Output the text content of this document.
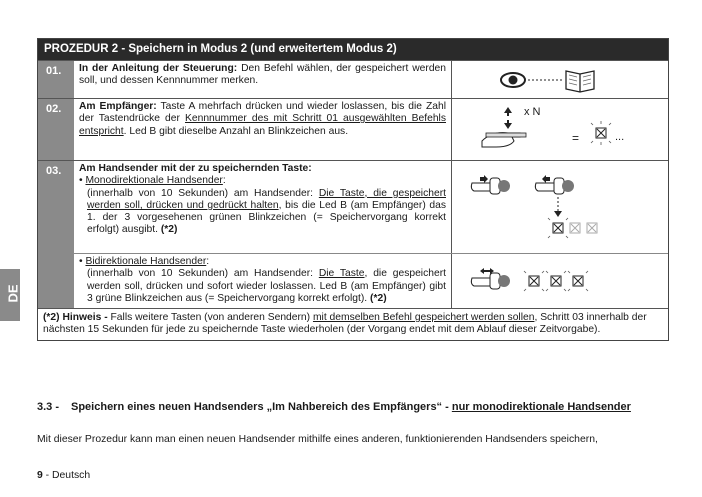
DE
PROZEDUR 2 - Speichern in Modus 2 (und erweitertem Modus 2)
01.	In der Anleitung der Steuerung: Den Befehl wählen, der gespeichert werden soll, und dessen Kennnummer merken.
02.	Am Empfänger: Taste A mehrfach drücken und wieder loslassen, bis die Zahl der Tastendrücke der Kennnummer des mit Schritt 01 ausgewählten Befehls entspricht. Led B gibt dieselbe Anzahl an Blinkzeichen aus.
x N
=	...
03.	Am Handsender mit der zu speichernden Taste:
• Monodirektionale Handsender:

(innerhalb von 10 Sekunden) am Handsender: Die Taste, die gespeichert werden soll, drücken und gedrückt halten, bis die Led B (am Empfänger) das 1. der 3 vorgesehenen grünen Blinkzeichen (= Speichervorgang korrekt erfolgt) ausgibt. (*2)
• Bidirektionale Handsender:

(innerhalb von 10 Sekunden) am Handsender: Die Taste, die gespeichert werden soll, drücken und sofort wieder loslassen. Led B (am Empfänger) gibt 3 grüne Blinkzeichen aus (= Speichervorgang korrekt erfolgt). (*2)
(*2) Hinweis - Falls weitere Tasten (von anderen Sendern) mit demselben Befehl gespeichert werden sollen, Schritt 03 innerhalb der nächsten 15 Sekunden für jede zu speichernde Taste wiederholen (der Vorgang endet mit dem Ablauf dieser Zeitvorgabe).
3.3 -	Speichern eines neuen Handsenders „Im Nahbereich des Empfängers“ - nur monodirektionale Handsender
Mit dieser Prozedur kann man einen neuen Handsender mithilfe eines anderen, funktionierenden Handsenders speichern,
9 - Deutsch
